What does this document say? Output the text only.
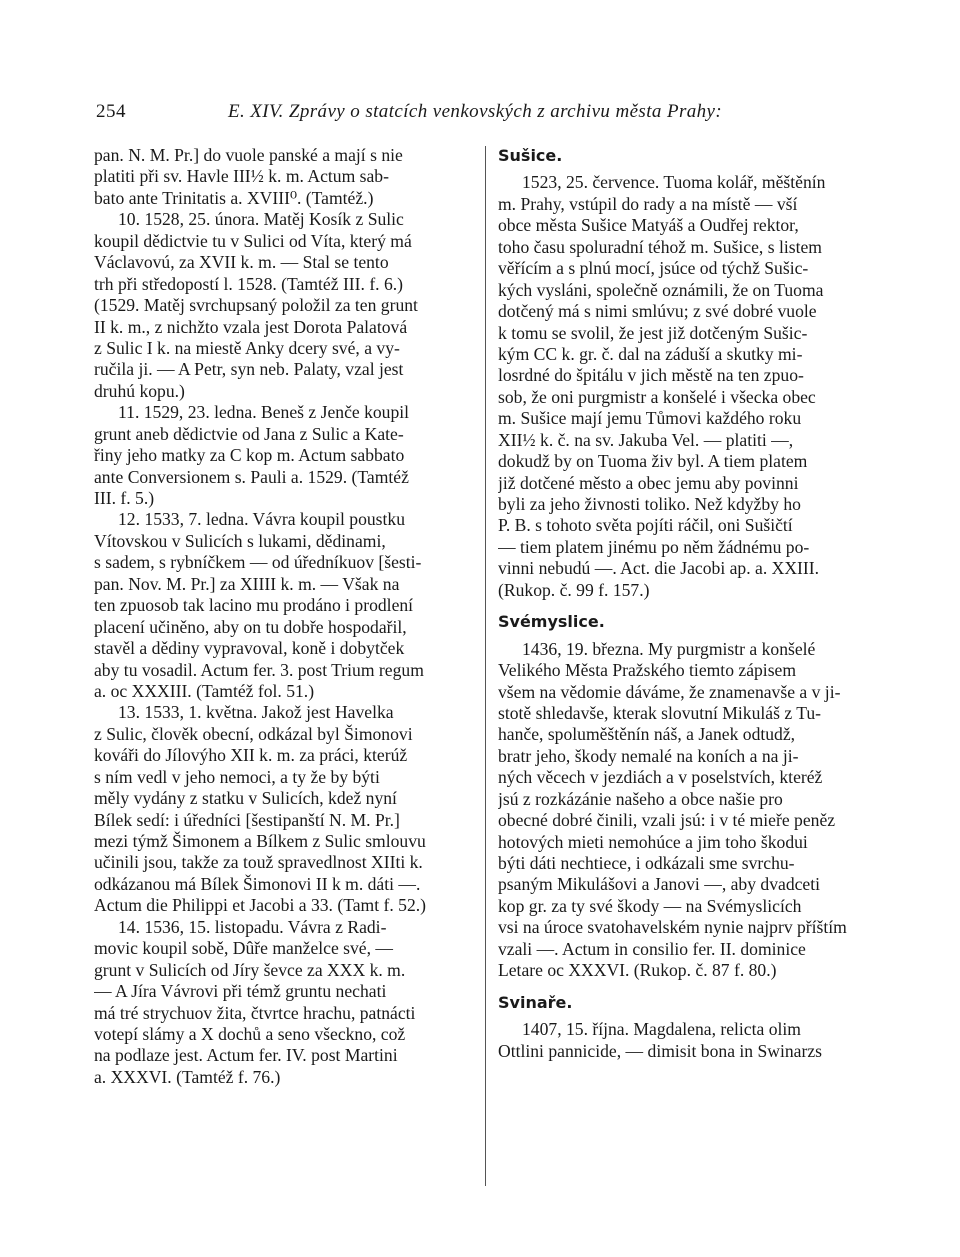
254	E. XIV. Zprávy o statcích venkovských z archivu města Prahy:
pan. N. M. Pr.] do vuole panské a mají s nie
platiti při sv. Havle III½ k. m. Actum sab-
bato ante Trinitatis a. XVIII⁰. (Tamtéž.)
10. 1528, 25. února. Matěj Kosík z Sulic
koupil dědictvie tu v Sulici od Víta, který má
Václavovú, za XVII k. m. — Stal se tento
trh při středopostí l. 1528. (Tamtéž III. f. 6.)
(1529. Matěj svrchupsaný položil za ten grunt
II k. m., z nichžto vzala jest Dorota Palatová
z Sulic I k. na miestě Anky dcery své, a vy-
ručila ji. — A Petr, syn neb. Palaty, vzal jest
druhú kopu.)
11. 1529, 23. ledna. Beneš z Jenče koupil
grunt aneb dědictvie od Jana z Sulic a Kate-
řiny jeho matky za C kop m. Actum sabbato
ante Conversionem s. Pauli a. 1529. (Tamtéž
III. f. 5.)
12. 1533, 7. ledna. Vávra koupil poustku
Vítovskou v Sulicích s lukami, dědinami,
s sadem, s rybníčkem — od úředníkuov [šesti-
pan. Nov. M. Pr.] za XIIII k. m. — Však na
ten zpuosob tak lacino mu prodáno i prodlení
placení učiněno, aby on tu dobře hospodařil,
stavěl a dědiny vypravoval, koně i dobytček
aby tu vosadil. Actum fer. 3. post Trium regum
a. oc XXXIII. (Tamtéž fol. 51.)
13. 1533, 1. května. Jakož jest Havelka
z Sulic, člověk obecní, odkázal byl Šimonovi
kováři do Jílovýho XII k. m. za práci, kterúž
s ním vedl v jeho nemoci, a ty že by býti
měly vydány z statku v Sulicích, kdež nyní
Bílek sedí: i úředníci [šestipanští N. M. Pr.]
mezi týmž Šimonem a Bílkem z Sulic smlouvu
učinili jsou, takže za touž spravedlnost XIIti k.
odkázanou má Bílek Šimonovi II k m. dáti —.
Actum die Philippi et Jacobi a 33. (Tamt f. 52.)
14. 1536, 15. listopadu. Vávra z Radi-
movic koupil sobě, Dûře manželce své, —
grunt v Sulicích od Jíry ševce za XXX k. m.
— A Jíra Vávrovi při témž gruntu nechati
má tré strychuov žita, čtvrtce hrachu, patnácti
votepí slámy a X dochů a seno všecknо, což
na podlaze jest. Actum fer. IV. post Martini
a. XXXVI. (Tamtéž f. 76.)
Sušice.
1523, 25. července. Tuoma kolář, měštěnín
m. Prahy, vstúpil do rady a na místě — vší
obce města Sušice Matyáš a Oudřej rektor,
toho času spoluradní téhož m. Sušice, s listem
věřícím a s plnú mocí, jsúce od týchž Sušic-
kých vysláni, společně oznámili, že on Tuoma
dotčený má s nimi smlúvu; z své dobré vuole
k tomu se svolil, že jest již dotčeným Sušic-
kým CC k. gr. č. dal na záduší a skutky mi-
losrdné do špitálu v jich městě na ten zpuo-
sob, že oni purgmistr a konšelé i všecka obec
m. Sušice mají jemu Tůmovi každého roku
XII½ k. č. na sv. Jakuba Vel. — platiti —,
dokudž by on Tuoma živ byl. A tiem platem
již dotčené město a obec jemu aby povinni
byli za jeho živnosti toliko. Než kdyžby ho
P. B. s tohoto světa pojíti ráčil, oni Sušičtí
— tiem platem jinému po něm žádnému po-
vinni nebudú —. Act. die Jacobi ap. a. XXIII.
(Rukop. č. 99 f. 157.)
Svémyslice.
1436, 19. března. My purgmistr a konšelé
Velikého Města Pražského tiemto zápisem
všem na vědomie dáváme, že znamenavše a v ji-
stotě shledavše, kterak slovutní Mikuláš z Tu-
hanče, spoluměštěnín náš, a Janek odtudž,
bratr jeho, škody nemalé na koních a na ji-
ných věcech v jezdiách a v poselstvích, kteréž
jsú z rozkázánie našeho a obce našie pro
obecné dobré činili, vzali jsú: i v té mieře peněz
hotových mieti nemohúce a jim toho škodui
býti dáti nechtiece, i odkázali sme svrchu-
psaným Mikulášovi a Janovi —, aby dvadceti
kop gr. za ty své škody — na Svémyslicích
vsi na úroce svatohavelském nynie najprv příštím
vzali —. Actum in consilio fer. II. dominice
Letare oc XXXVI. (Rukop. č. 87 f. 80.)
Svinaře.
1407, 15. října. Magdalena, relicta olim
Ottlini pannicide, — dimisit bona in Swinarzs
